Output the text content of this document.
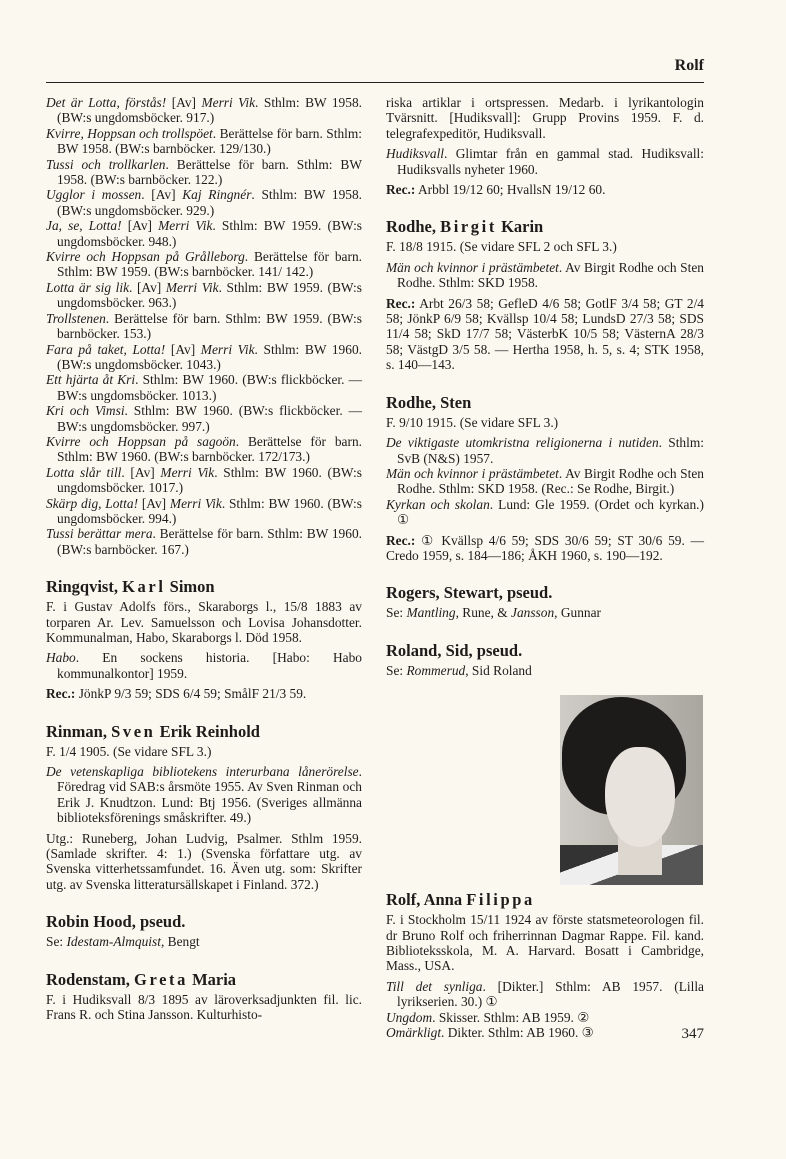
Rolf

Det är Lotta, förstås! [Av] Merri Vik. Sthlm: BW 1958. (BW:s ungdomsböcker. 917.)

Kvirre, Hoppsan och trollspöet. Berättelse för barn. Sthlm: BW 1958. (BW:s barnböcker. 129/130.)

Tussi och trollkarlen. Berättelse för barn. Sthlm: BW 1958. (BW:s barnböcker. 122.)

Ugglor i mossen. [Av] Kaj Ringnér. Sthlm: BW 1958. (BW:s ungdomsböcker. 929.)

Ja, se, Lotta! [Av] Merri Vik. Sthlm: BW 1959. (BW:s ungdomsböcker. 948.)

Kvirre och Hoppsan på Grålleborg. Berättelse för barn. Sthlm: BW 1959. (BW:s barnböcker. 141/ 142.)

Lotta är sig lik. [Av] Merri Vik. Sthlm: BW 1959. (BW:s ungdomsböcker. 963.)

Trollstenen. Berättelse för barn. Sthlm: BW 1959. (BW:s barnböcker. 153.)

Fara på taket, Lotta! [Av] Merri Vik. Sthlm: BW 1960. (BW:s ungdomsböcker. 1043.)

Ett hjärta åt Kri. Sthlm: BW 1960. (BW:s flickböcker. — BW:s ungdomsböcker. 1013.)

Kri och Vimsi. Sthlm: BW 1960. (BW:s flickböcker. — BW:s ungdomsböcker. 997.)

Kvirre och Hoppsan på sagoön. Berättelse för barn. Sthlm: BW 1960. (BW:s barnböcker. 172/173.)

Lotta slår till. [Av] Merri Vik. Sthlm: BW 1960. (BW:s ungdomsböcker. 1017.)

Skärp dig, Lotta! [Av] Merri Vik. Sthlm: BW 1960. (BW:s ungdomsböcker. 994.)

Tussi berättar mera. Berättelse för barn. Sthlm: BW 1960. (BW:s barnböcker. 167.)

Ringqvist, Karl Simon

F. i Gustav Adolfs förs., Skaraborgs l., 15/8 1883 av torparen Ar. Lev. Samuelsson och Lovisa Johansdotter. Kommunalman, Habo, Skaraborgs l. Död 1958.

Habo. En sockens historia. [Habo: Habo kommunalkontor] 1959.

Rec.: JönkP 9/3 59; SDS 6/4 59; SmålF 21/3 59.

Rinman, Sven Erik Reinhold

F. 1/4 1905. (Se vidare SFL 3.)

De vetenskapliga bibliotekens interurbana lånerörelse. Föredrag vid SAB:s årsmöte 1955. Av Sven Rinman och Erik J. Knudtzon. Lund: Btj 1956. (Sveriges allmänna biblioteksförenings småskrifter. 49.)

Utg.: Runeberg, Johan Ludvig, Psalmer. Sthlm 1959. (Samlade skrifter. 4: 1.) (Svenska författare utg. av Svenska vitterhetssamfundet. 16. Även utg. som: Skrifter utg. av Svenska litteratursällskapet i Finland. 372.)

Robin Hood, pseud.

Se: Idestam-Almquist, Bengt

Rodenstam, Greta Maria

F. i Hudiksvall 8/3 1895 av läroverksadjunkten fil. lic. Frans R. och Stina Jansson. Kulturhisto-

riska artiklar i ortspressen. Medarb. i lyrikantologin Tvärsnitt. [Hudiksvall]: Grupp Provins 1959. F. d. telegrafexpeditör, Hudiksvall.

Hudiksvall. Glimtar från en gammal stad. Hudiksvall: Hudiksvalls nyheter 1960.

Rec.: Arbbl 19/12 60; HvallsN 19/12 60.

Rodhe, Birgit Karin

F. 18/8 1915. (Se vidare SFL 2 och SFL 3.)

Män och kvinnor i prästämbetet. Av Birgit Rodhe och Sten Rodhe. Sthlm: SKD 1958.

Rec.: Arbt 26/3 58; GefleD 4/6 58; GotlF 3/4 58; GT 2/4 58; JönkP 6/9 58; Kvällsp 10/4 58; LundsD 27/3 58; SDS 11/4 58; SkD 17/7 58; VästerbK 10/5 58; VästernA 28/3 58; VästgD 3/5 58. — Hertha 1958, h. 5, s. 4; STK 1958, s. 140—143.

Rodhe, Sten

F. 9/10 1915. (Se vidare SFL 3.)

De viktigaste utomkristna religionerna i nutiden. Sthlm: SvB (N&S) 1957.

Män och kvinnor i prästämbetet. Av Birgit Rodhe och Sten Rodhe. Sthlm: SKD 1958. (Rec.: Se Rodhe, Birgit.)

Kyrkan och skolan. Lund: Gle 1959. (Ordet och kyrkan.) ①

Rec.: ① Kvällsp 4/6 59; SDS 30/6 59; ST 30/6 59. — Credo 1959, s. 184—186; ÅKH 1960, s. 190—192.

Rogers, Stewart, pseud.

Se: Mantling, Rune, & Jansson, Gunnar

Roland, Sid, pseud.

Se: Rommerud, Sid Roland

Rolf, Anna Filippa

F. i Stockholm 15/11 1924 av förste statsmeteorologen fil. dr Bruno Rolf och friherrinnan Dagmar Rappe. Fil. kand. Biblioteksskola, M. A. Harvard. Bosatt i Cambridge, Mass., USA.

Till det synliga. [Dikter.] Sthlm: AB 1957. (Lilla lyrikserien. 30.) ①

Ungdom. Skisser. Sthlm: AB 1959. ②

Omärkligt. Dikter. Sthlm: AB 1960. ③	347
